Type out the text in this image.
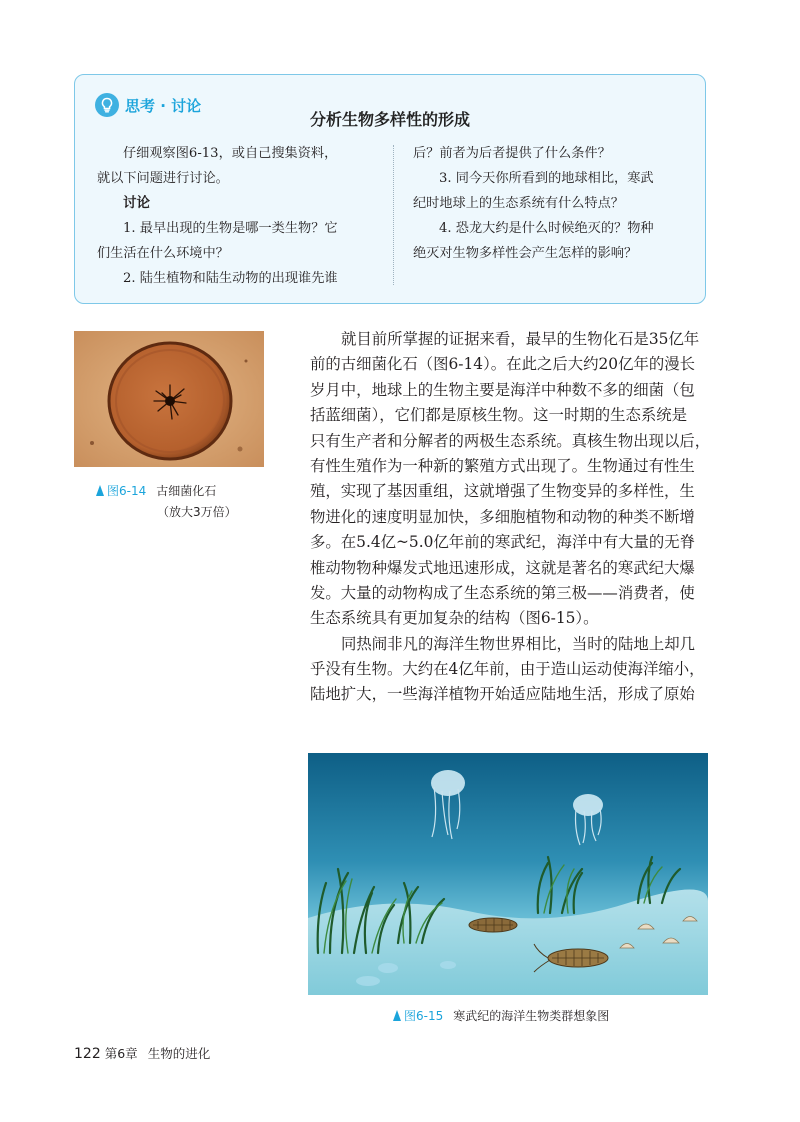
思考 · 讨论
分析生物多样性的形成
仔细观察图6-13，或自己搜集资料，
就以下问题进行讨论。
讨论
1. 最早出现的生物是哪一类生物？它
们生活在什么环境中？
2. 陆生植物和陆生动物的出现谁先谁
后？前者为后者提供了什么条件？
3. 同今天你所看到的地球相比，寒武
纪时地球上的生态系统有什么特点？
4. 恐龙大约是什么时候绝灭的？物种
绝灭对生物多样性会产生怎样的影响？
图6-14 古细菌化石
（放大3万倍）
就目前所掌握的证据来看，最早的生物化石是35亿年
前的古细菌化石（图6-14）。在此之后大约20亿年的漫长
岁月中，地球上的生物主要是海洋中种数不多的细菌（包
括蓝细菌），它们都是原核生物。这一时期的生态系统是
只有生产者和分解者的两极生态系统。真核生物出现以后，
有性生殖作为一种新的繁殖方式出现了。生物通过有性生
殖，实现了基因重组，这就增强了生物变异的多样性，生
物进化的速度明显加快，多细胞植物和动物的种类不断增
多。在5.4亿~5.0亿年前的寒武纪，海洋中有大量的无脊
椎动物物种爆发式地迅速形成，这就是著名的寒武纪大爆
发。大量的动物构成了生态系统的第三极——消费者，使
生态系统具有更加复杂的结构（图6-15）。
同热闹非凡的海洋生物世界相比，当时的陆地上却几
乎没有生物。大约在4亿年前，由于造山运动使海洋缩小，
陆地扩大，一些海洋植物开始适应陆地生活，形成了原始
图6-15 寒武纪的海洋生物类群想象图
122 第6章 生物的进化
